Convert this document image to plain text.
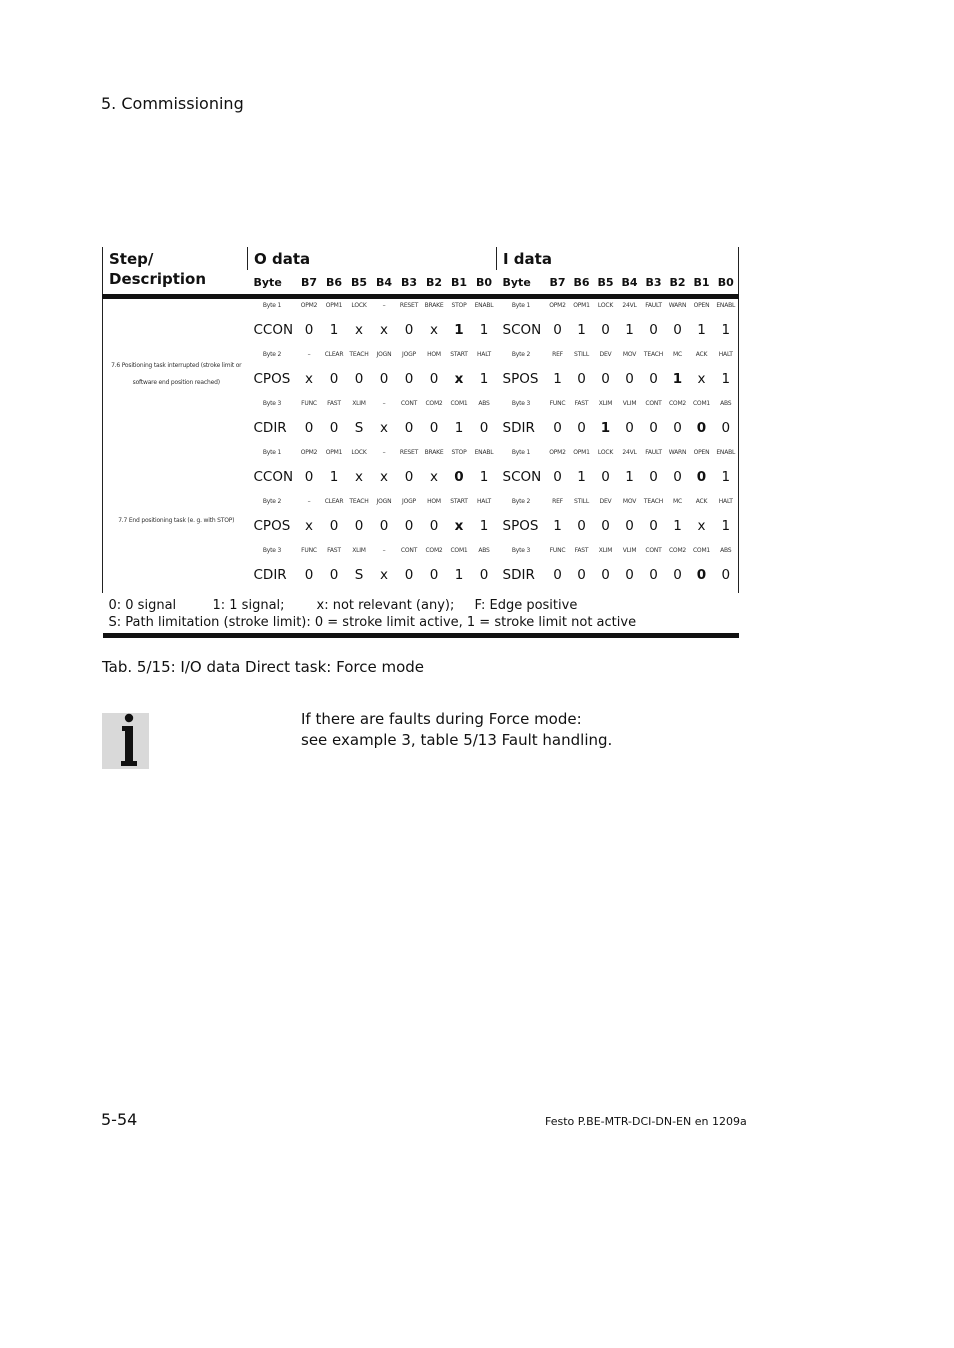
5. Commissioning
Step/
Description	O data									I data								
	Byte	B7	B6	B5	B4	B3	B2	B1	B0	Byte	B7	B6	B5	B4	B3	B2	B1	B0
7.6 Positioning task interrupted (stroke limit or software end position reached)	Byte 1	OPM2	OPM1	LOCK	–	RESET	BRAKE	STOP	ENABL	Byte 1	OPM2	OPM1	LOCK	24VL	FAULT	WARN	OPEN	ENABL
	CCON	0	1	x	x	0	x	1	1	SCON	0	1	0	1	0	0	1	1
	Byte 2	–	CLEAR	TEACH	JOGN	JOGP	HOM	START	HALT	Byte 2	REF	STILL	DEV	MOV	TEACH	MC	ACK	HALT
	CPOS	x	0	0	0	0	0	x	1	SPOS	1	0	0	0	0	1	x	1
	Byte 3	FUNC	FAST	XLIM	–	CONT	COM2	COM1	ABS	Byte 3	FUNC	FAST	XLIM	VLIM	CONT	COM2	COM1	ABS
	CDIR	0	0	S	x	0	0	1	0	SDIR	0	0	1	0	0	0	0	0
7.7 End positioning task (e. g. with STOP)	Byte 1	OPM2	OPM1	LOCK	–	RESET	BRAKE	STOP	ENABL	Byte 1	OPM2	OPM1	LOCK	24VL	FAULT	WARN	OPEN	ENABL
	CCON	0	1	x	x	0	x	0	1	SCON	0	1	0	1	0	0	0	1
	Byte 2	–	CLEAR	TEACH	JOGN	JOGP	HOM	START	HALT	Byte 2	REF	STILL	DEV	MOV	TEACH	MC	ACK	HALT
	CPOS	x	0	0	0	0	0	x	1	SPOS	1	0	0	0	0	1	x	1
	Byte 3	FUNC	FAST	XLIM	–	CONT	COM2	COM1	ABS	Byte 3	FUNC	FAST	XLIM	VLIM	CONT	COM2	COM1	ABS
	CDIR	0	0	S	x	0	0	1	0	SDIR	0	0	0	0	0	0	0	0

0: 0 signal 1: 1 signal; x: not relevant (any); F: Edge positive
S: Path limitation (stroke limit): 0 = stroke limit active, 1 = stroke limit not active																		
Tab. 5/15: I/O data Direct task: Force mode
If there are faults during Force mode:
see example 3, table 5/13 Fault handling.
5-54	Festo P.BE-MTR-DCI-DN-EN en 1209a
